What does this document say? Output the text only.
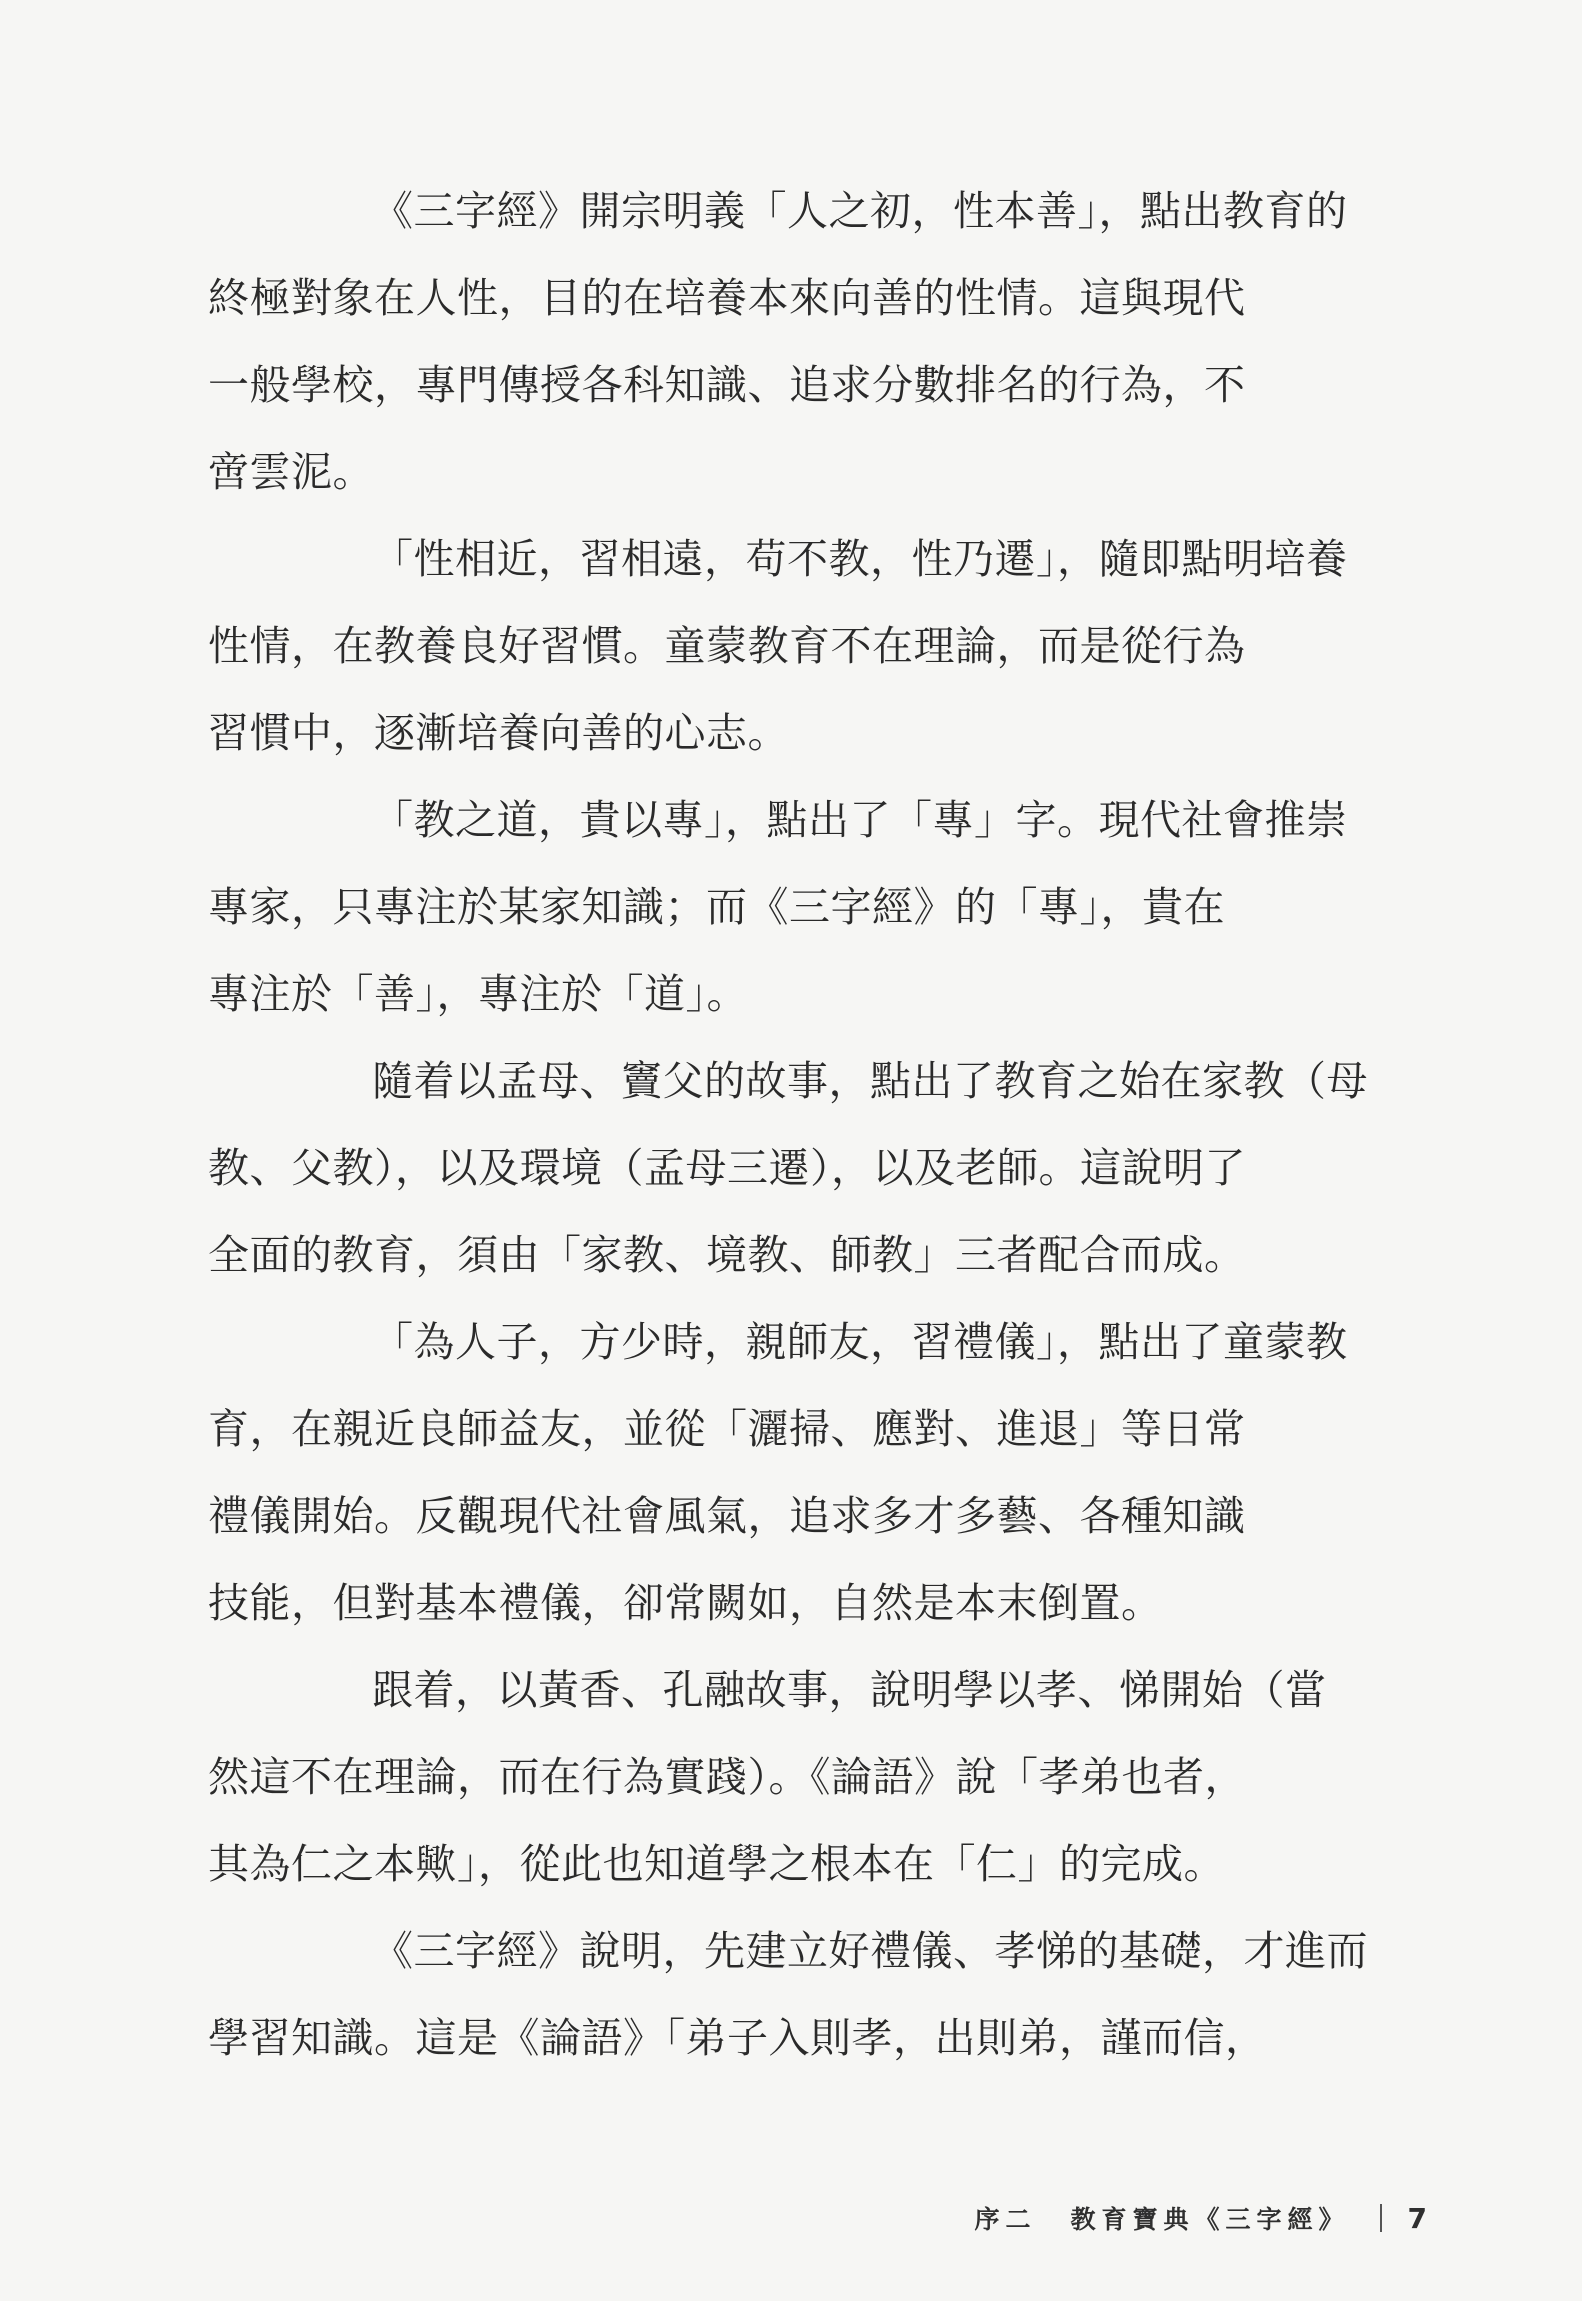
《三字經》開宗明義「人之初，性本善」，點出教育的
終極對象在人性，目的在培養本來向善的性情。這與現代
一般學校，專門傳授各科知識、追求分數排名的行為，不
啻雲泥。

「性相近，習相遠，苟不教，性乃遷」，隨即點明培養
性情，在教養良好習慣。童蒙教育不在理論，而是從行為
習慣中，逐漸培養向善的心志。

「教之道，貴以專」，點出了「專」字。現代社會推崇
專家，只專注於某家知識；而《三字經》的「專」，貴在
專注於「善」，專注於「道」。

隨着以孟母、竇父的故事，點出了教育之始在家教（母
教、父教），以及環境（孟母三遷），以及老師。這說明了
全面的教育，須由「家教、境教、師教」三者配合而成。

「為人子，方少時，親師友，習禮儀」，點出了童蒙教
育，在親近良師益友，並從「灑掃、應對、進退」等日常
禮儀開始。反觀現代社會風氣，追求多才多藝、各種知識
技能，但對基本禮儀，卻常闕如，自然是本末倒置。

跟着，以黃香、孔融故事，說明學以孝、悌開始（當
然這不在理論，而在行為實踐）。《論語》說「孝弟也者，
其為仁之本歟」，從此也知道學之根本在「仁」的完成。

《三字經》說明，先建立好禮儀、孝悌的基礎，才進而
學習知識。這是《論語》「弟子入則孝，出則弟，謹而信，

序二 教育寶典《三字經》 7
